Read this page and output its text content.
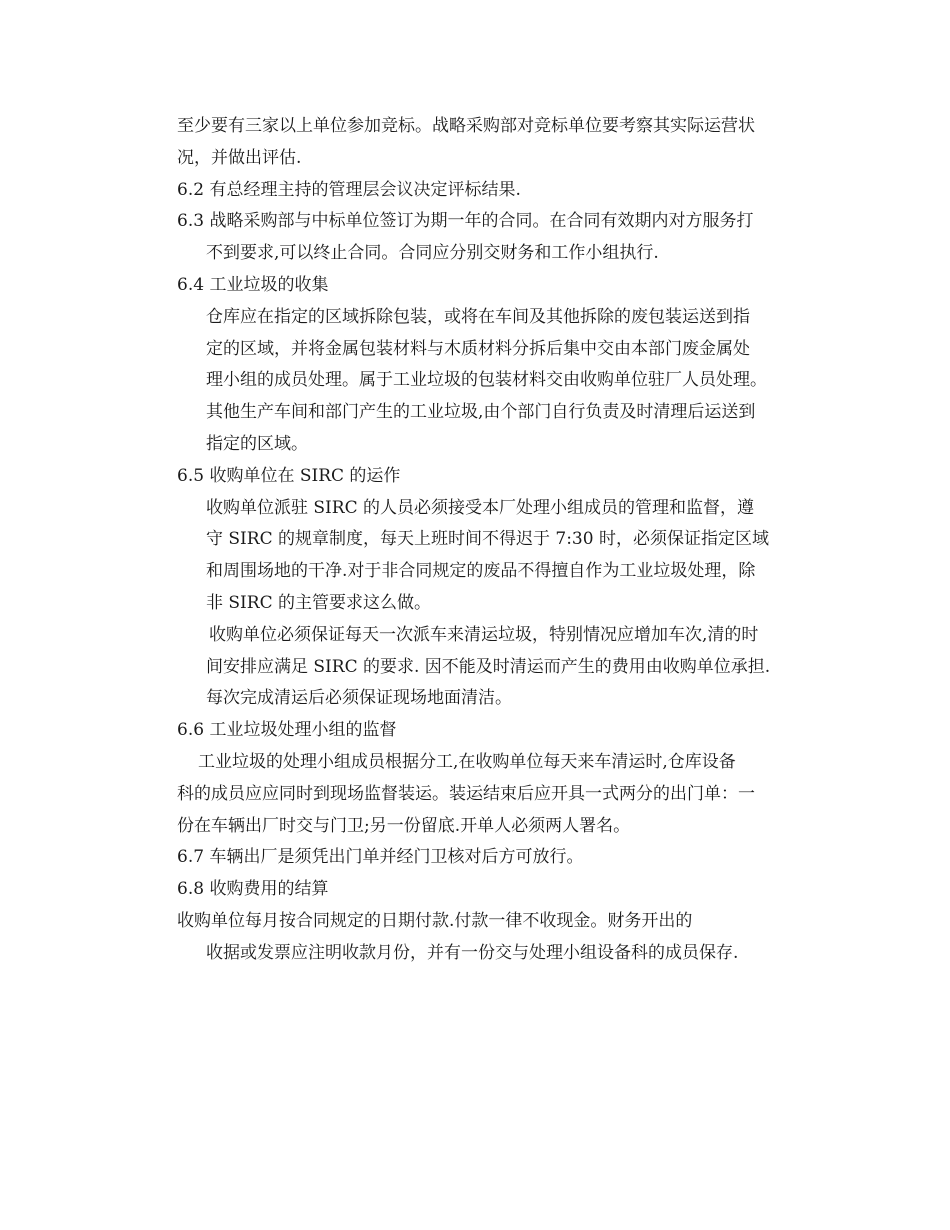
至少要有三家以上单位参加竞标。战略采购部对竞标单位要考察其实际运营状
况，并做出评估.
6.2 有总经理主持的管理层会议决定评标结果.
6.3 战略采购部与中标单位签订为期一年的合同。在合同有效期内对方服务打
不到要求,可以终止合同。合同应分别交财务和工作小组执行.
6.4 工业垃圾的收集
仓库应在指定的区域拆除包装，或将在车间及其他拆除的废包装运送到指
定的区域，并将金属包装材料与木质材料分拆后集中交由本部门废金属处
理小组的成员处理。属于工业垃圾的包装材料交由收购单位驻厂人员处理。
其他生产车间和部门产生的工业垃圾,由个部门自行负责及时清理后运送到
指定的区域。
6.5 收购单位在 SIRC 的运作
收购单位派驻 SIRC 的人员必须接受本厂处理小组成员的管理和监督，遵
守 SIRC 的规章制度，每天上班时间不得迟于 7:30 时，必须保证指定区域
和周围场地的干净.对于非合同规定的废品不得擅自作为工业垃圾处理，除
非 SIRC 的主管要求这么做。
收购单位必须保证每天一次派车来清运垃圾，特别情况应增加车次,清的时
间安排应满足 SIRC 的要求. 因不能及时清运而产生的费用由收购单位承担.
每次完成清运后必须保证现场地面清洁。
6.6 工业垃圾处理小组的监督
工业垃圾的处理小组成员根据分工,在收购单位每天来车清运时,仓库设备
科的成员应应同时到现场监督装运。装运结束后应开具一式两分的出门单：一
份在车辆出厂时交与门卫;另一份留底.开单人必须两人署名。
6.7 车辆出厂是须凭出门单并经门卫核对后方可放行。
6.8 收购费用的结算
收购单位每月按合同规定的日期付款.付款一律不收现金。财务开出的
收据或发票应注明收款月份，并有一份交与处理小组设备科的成员保存.
